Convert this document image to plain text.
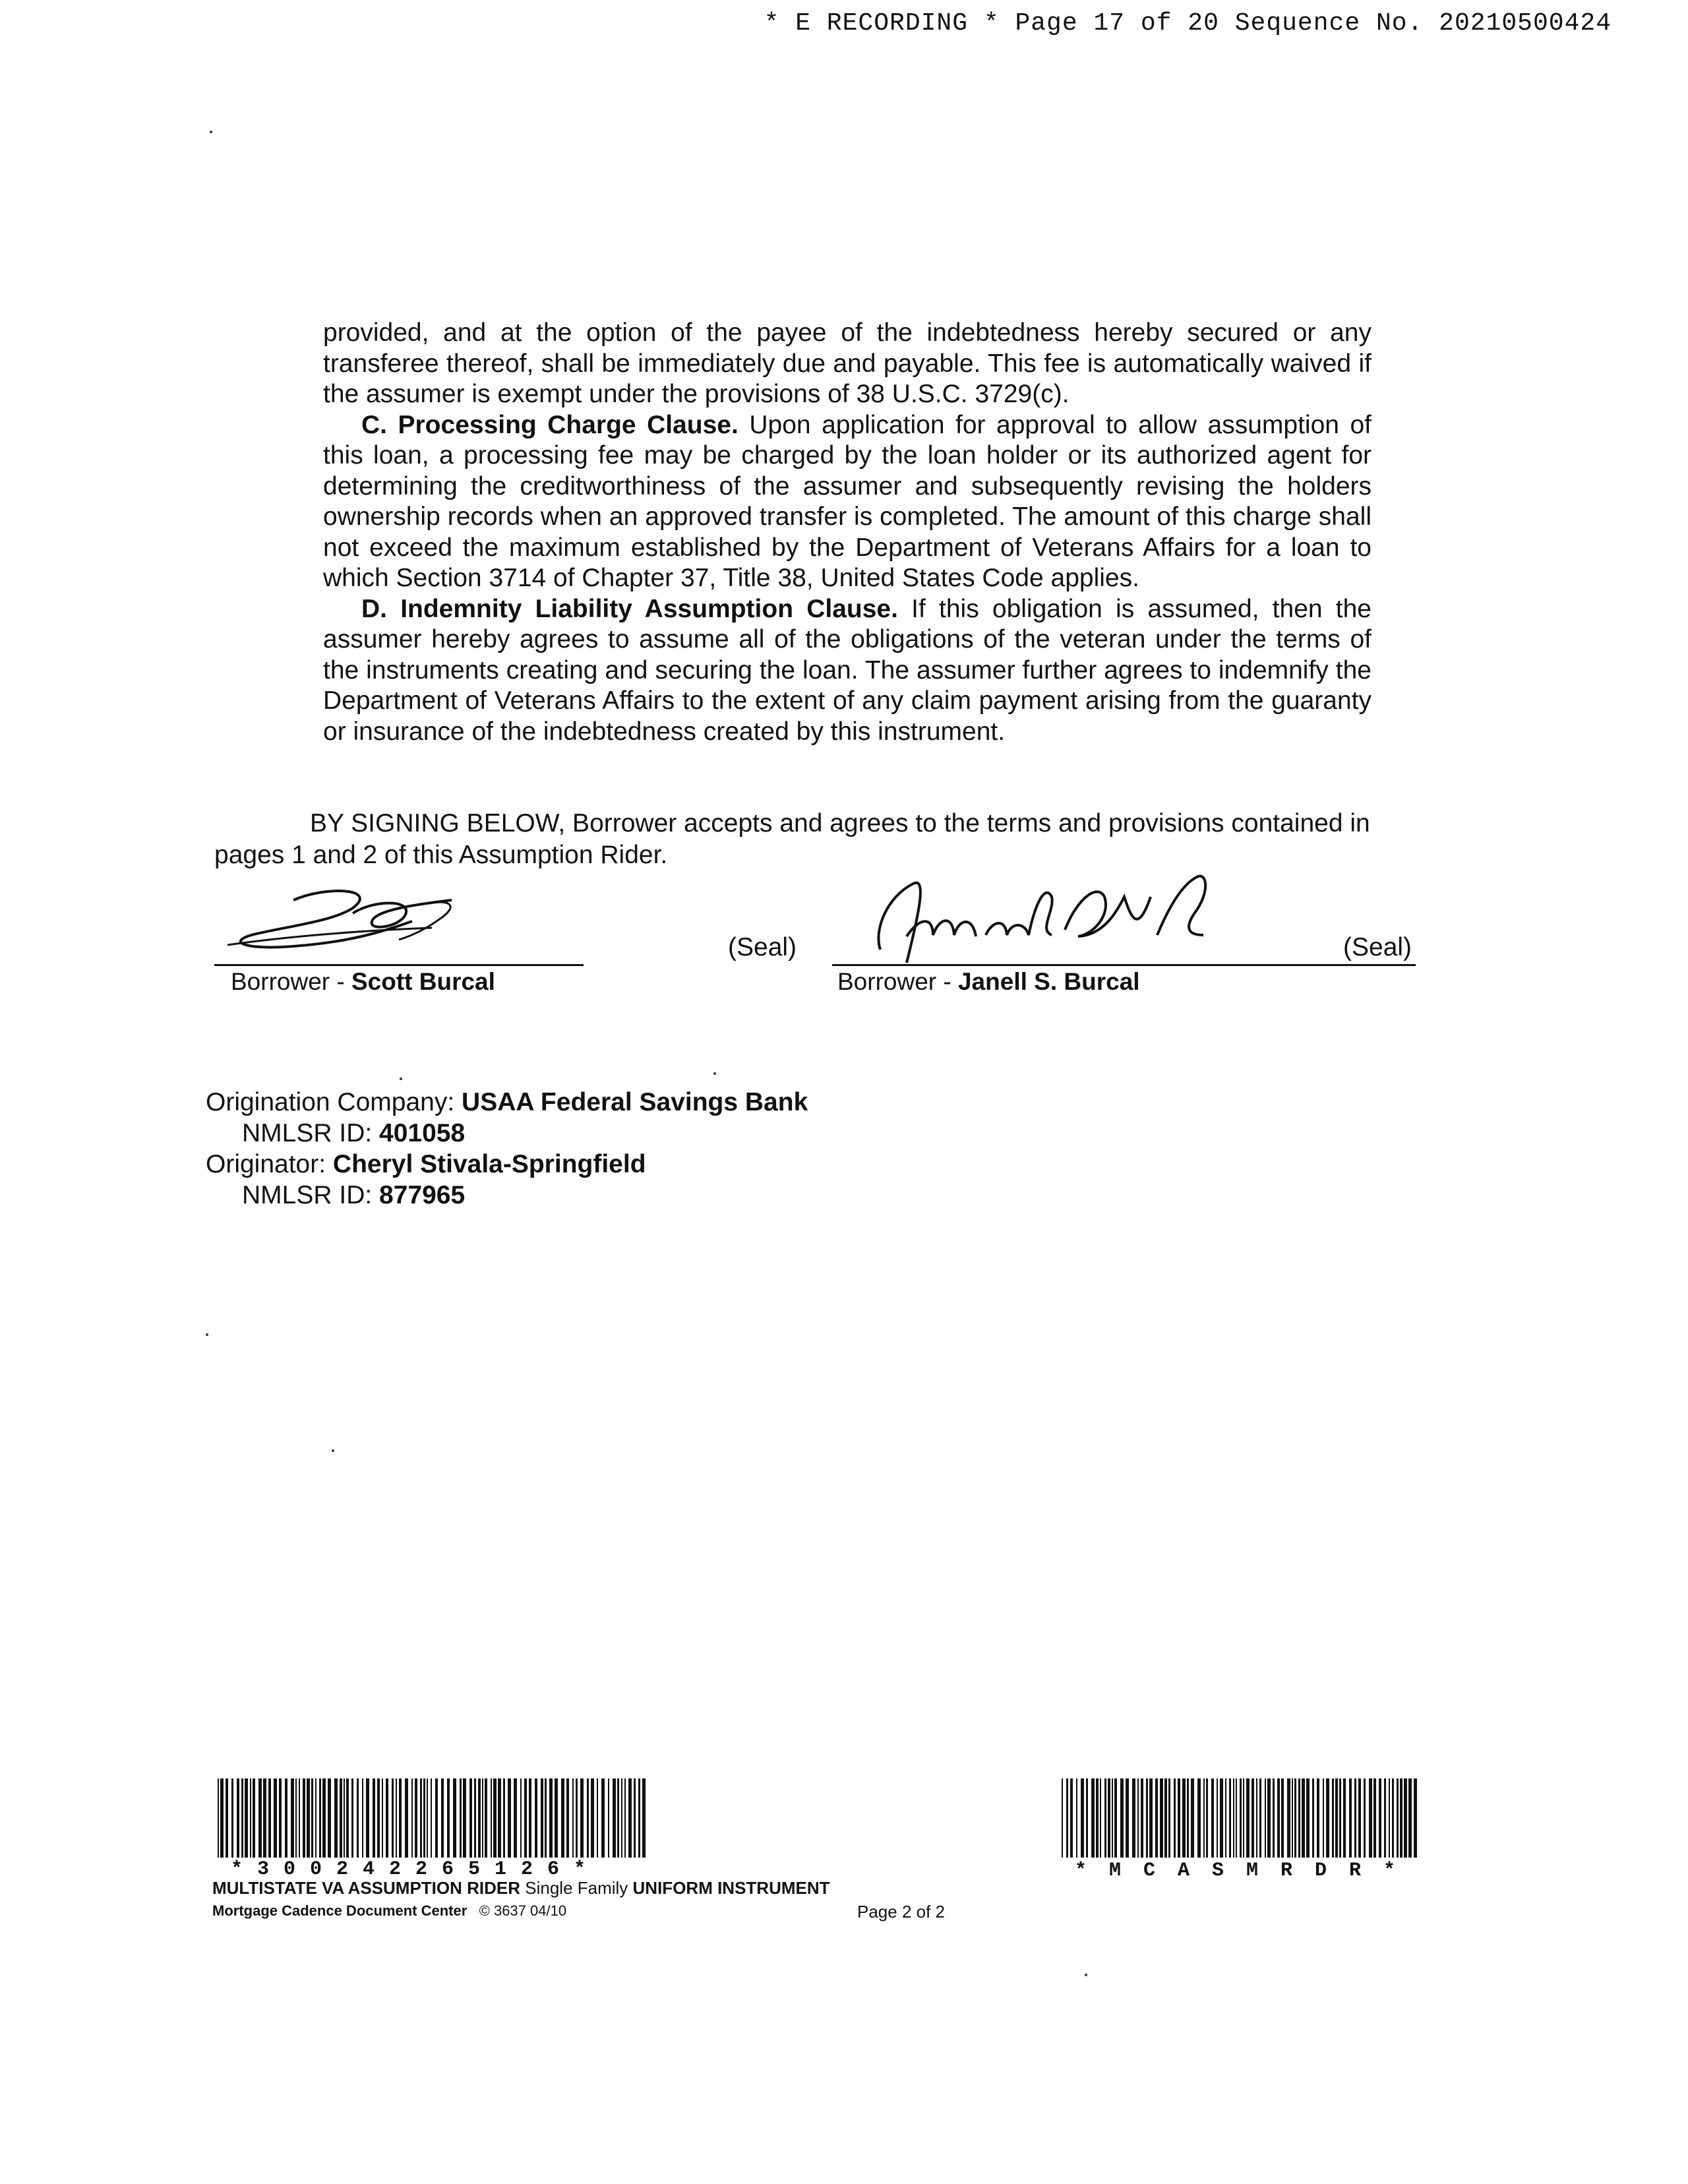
* E RECORDING * Page 17 of 20 Sequence No. 20210500424

provided, and at the option of the payee of the indebtedness hereby secured or any transferee thereof, shall be immediately due and payable. This fee is automatically waived if the assumer is exempt under the provisions of 38 U.S.C. 3729(c).

C. Processing Charge Clause. Upon application for approval to allow assumption of this loan, a processing fee may be charged by the loan holder or its authorized agent for determining the creditworthiness of the assumer and subsequently revising the holders ownership records when an approved transfer is completed. The amount of this charge shall not exceed the maximum established by the Department of Veterans Affairs for a loan to which Section 3714 of Chapter 37, Title 38, United States Code applies.

D. Indemnity Liability Assumption Clause. If this obligation is assumed, then the assumer hereby agrees to assume all of the obligations of the veteran under the terms of the instruments creating and securing the loan. The assumer further agrees to indemnify the Department of Veterans Affairs to the extent of any claim payment arising from the guaranty or insurance of the indebtedness created by this instrument.

BY SIGNING BELOW, Borrower accepts and agrees to the terms and provisions contained in pages 1 and 2 of this Assumption Rider.

(Seal)
Borrower - Scott Burcal
(Seal)
Borrower - Janell S. Burcal
Origination Company: USAA Federal Savings Bank
NMLSR ID: 401058
Originator: Cheryl Stivala-Springfield
NMLSR ID: 877965
*300242265126*	*MCASMRDR*
MULTISTATE VA ASSUMPTION RIDER Single Family UNIFORM INSTRUMENT
Mortgage Cadence Document Center © 3637 04/10	Page 2 of 2
